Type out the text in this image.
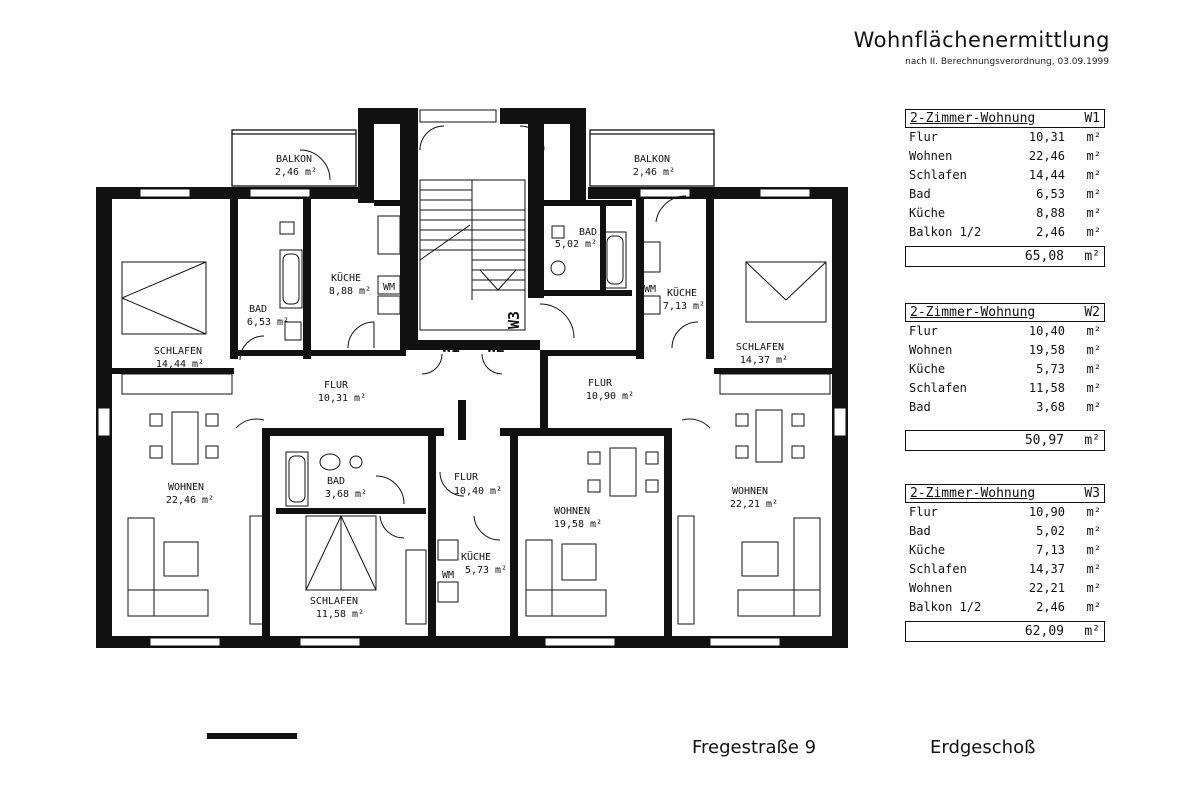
Wohnflächenermittlung
nach II. Berechnungsverordnung, 03.09.1999
BALKON
2,46 m²
BALKON
2,46 m²
SCHLAFEN
14,44 m²
BAD
6,53 m²
KÜCHE
8,88 m²
FLUR
10,31 m²
WOHNEN
22,46 m²
BAD
3,68 m²
SCHLAFEN
11,58 m²
FLUR
10,40 m²
KÜCHE
5,73 m²
WOHNEN
19,58 m²
BAD
5,02 m²
KÜCHE
7,13 m²
SCHLAFEN
14,37 m²
FLUR
10,90 m²
WOHNEN
22,21 m²
WM	WM
WM
W1 W2
W3
2-Zimmer-Wohnung	W1
Flur	10,31 m²
Wohnen	22,46 m²
Schlafen	14,44 m²
Bad	6,53 m²
Küche	8,88 m²
Balkon 1/2	2,46 m²
65,08 m²
2-Zimmer-Wohnung	W2
Flur	10,40 m²
Wohnen	19,58 m²
Küche	5,73 m²
Schlafen	11,58 m²
Bad	3,68 m²
50,97 m²
2-Zimmer-Wohnung	W3
Flur	10,90 m²
Bad	5,02 m²
Küche	7,13 m²
Schlafen	14,37 m²
Wohnen	22,21 m²
Balkon 1/2	2,46 m²
62,09 m²
Fregestraße 9	Erdgeschoß
